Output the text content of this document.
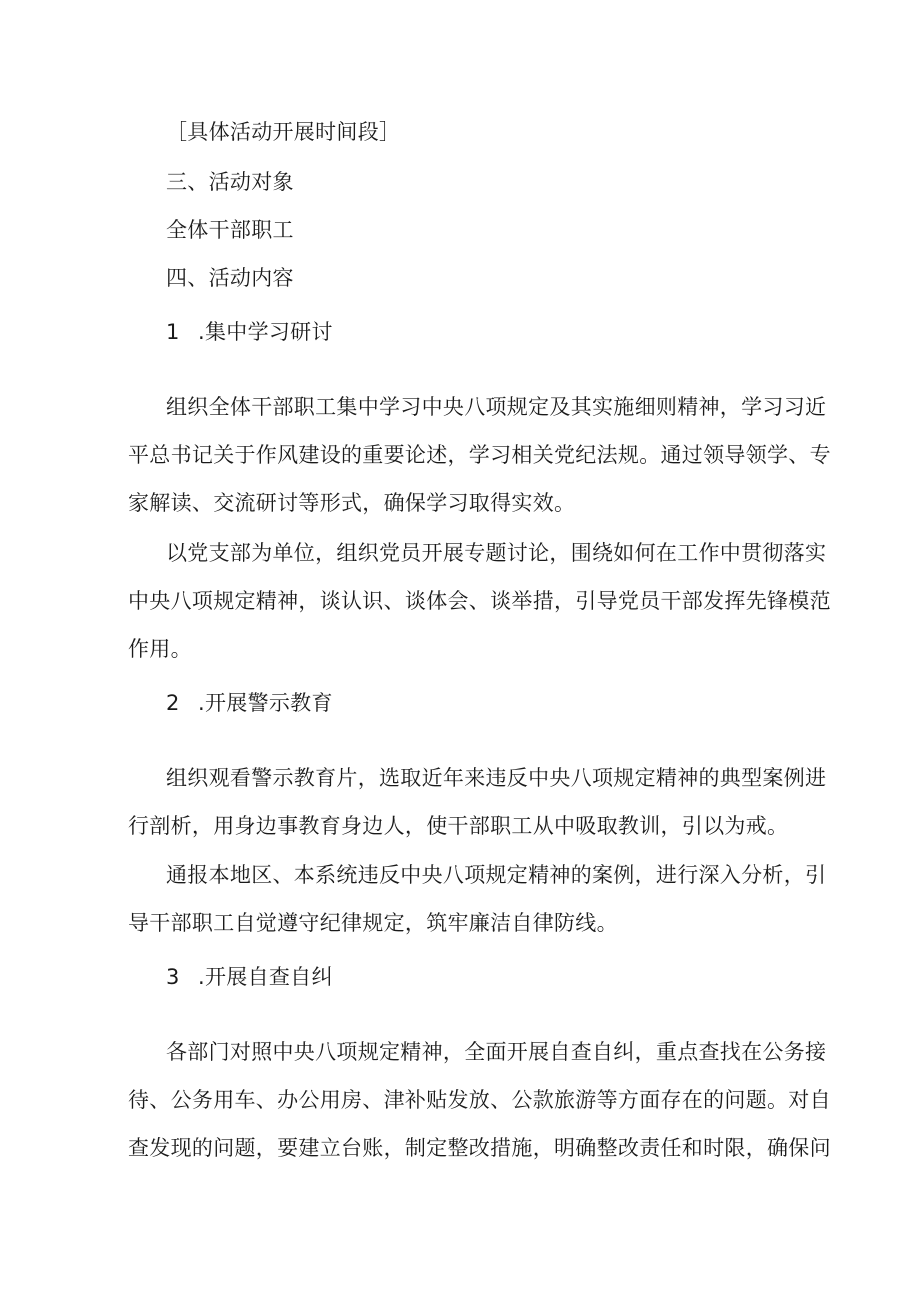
［具体活动开展时间段］
三、活动对象
全体干部职工
四、活动内容
1 .集中学习研讨
组织全体干部职工集中学习中央八项规定及其实施细则精神，学习习近
平总书记关于作风建设的重要论述，学习相关党纪法规。通过领导领学、专
家解读、交流研讨等形式，确保学习取得实效。
以党支部为单位，组织党员开展专题讨论，围绕如何在工作中贯彻落实
中央八项规定精神，谈认识、谈体会、谈举措，引导党员干部发挥先锋模范
作用。
2 .开展警示教育
组织观看警示教育片，选取近年来违反中央八项规定精神的典型案例进
行剖析，用身边事教育身边人，使干部职工从中吸取教训，引以为戒。
通报本地区、本系统违反中央八项规定精神的案例，进行深入分析，引
导干部职工自觉遵守纪律规定，筑牢廉洁自律防线。
3 .开展自查自纠
各部门对照中央八项规定精神，全面开展自查自纠，重点查找在公务接
待、公务用车、办公用房、津补贴发放、公款旅游等方面存在的问题。对自
查发现的问题，要建立台账，制定整改措施，明确整改责任和时限，确保问
